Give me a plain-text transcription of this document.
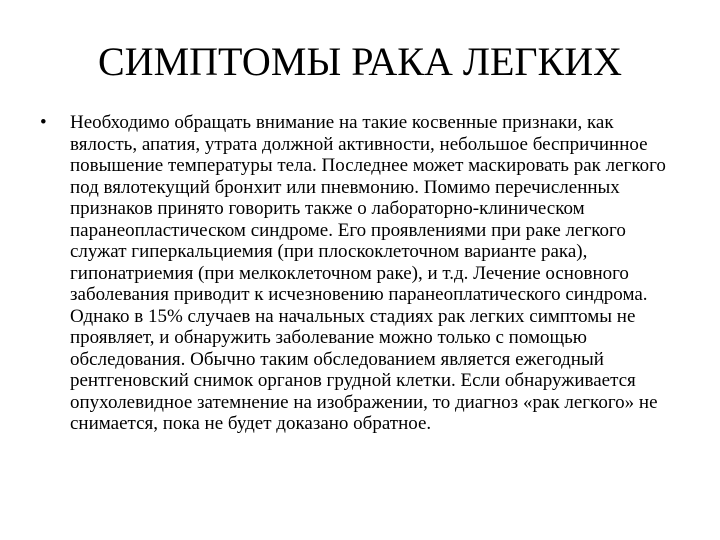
СИМПТОМЫ РАКА ЛЕГКИХ
• Необходимо обращать внимание на такие косвенные признаки, как вялость, апатия, утрата должной активности, небольшое беспричинное повышение температуры тела. Последнее может маскировать рак легкого под вялотекущий бронхит или пневмонию. Помимо перечисленных признаков принято говорить также о лабораторно-клиническом паранеопластическом синдроме. Его проявлениями при раке легкого служат гиперкальциемия (при плоскоклеточном варианте рака), гипонатриемия (при мелкоклеточном раке), и т.д. Лечение основного заболевания приводит к исчезновению паранеоплатического синдрома. Однако в 15% случаев на начальных стадиях рак легких симптомы не проявляет, и обнаружить заболевание можно только с помощью обследования. Обычно таким обследованием является ежегодный рентгеновский снимок органов грудной клетки. Если обнаруживается опухолевидное затемнение на изображении, то диагноз «рак легкого» не снимается, пока не будет доказано обратное.
